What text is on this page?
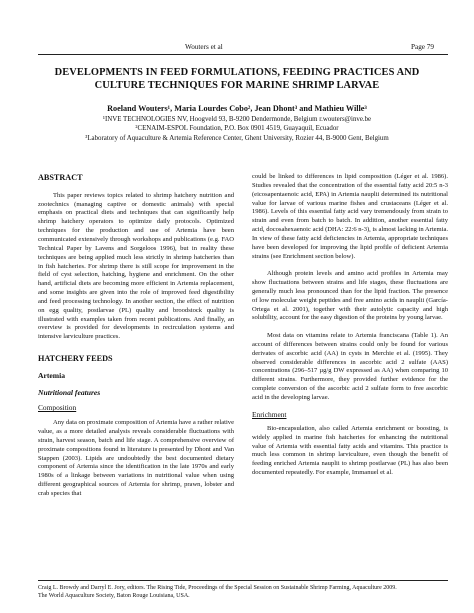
Wouters et al	Page 79
DEVELOPMENTS IN FEED FORMULATIONS, FEEDING PRACTICES AND
CULTURE TECHNIQUES FOR MARINE SHRIMP LARVAE
Roeland Wouters¹, Maria Lourdes Cobo², Jean Dhont³ and Mathieu Wille³
¹INVE TECHNOLOGIES NV, Hoogveld 93, B-9200 Dendermonde, Belgium r.wouters@inve.be
²CENAIM-ESPOL Foundation, P.O. Box 0901 4519, Guayaquil, Ecuador
³Laboratory of Aquaculture & Artemia Reference Center, Ghent University, Rozier 44, B-9000 Gent, Belgium
ABSTRACT

This paper reviews topics related to shrimp hatchery nutrition and zootechnics (managing captive or domestic animals) with special emphasis on practical diets and techniques that can significantly help shrimp hatchery operators to optimize daily protocols. Optimized techniques for the production and use of Artemia have been communicated extensively through workshops and publications (e.g. FAO Technical Paper by Lavens and Sorgeloos 1996), but in reality these techniques are being applied much less strictly in shrimp hatcheries than in fish hatcheries. For shrimp there is still scope for improvement in the field of cyst selection, hatching, hygiene and enrichment. On the other hand, artificial diets are becoming more efficient in Artemia replacement, and some insights are given into the role of improved feed digestibility and feed processing technology. In another section, the effect of nutrition on egg quality, postlarvae (PL) quality and broodstock quality is illustrated with examples taken from recent publications. And finally, an overview is provided for developments in recirculation systems and intensive larviculture practices.

HATCHERY FEEDS
Artemia
Nutritional features
Composition

Any data on proximate composition of Artemia have a rather relative value, as a more detailed analysis reveals considerable fluctuations with strain, harvest season, batch and life stage. A comprehensive overview of proximate compositions found in literature is presented by Dhont and Van Stappen (2003). Lipids are undoubtedly the best documented dietary component of Artemia since the identification in the late 1970s and early 1980s of a linkage between variations in nutritional value when using different geographical sources of Artemia for shrimp, prawn, lobster and crab species that

could be linked to differences in lipid composition (Léger et al. 1986). Studies revealed that the concentration of the essential fatty acid 20:5 n-3 (eicosapentaenoic acid, EPA) in Artemia nauplii determined its nutritional value for larvae of various marine fishes and crustaceans (Léger et al. 1986). Levels of this essential fatty acid vary tremendously from strain to strain and even from batch to batch. In addition, another essential fatty acid, docosahexaenoic acid (DHA: 22:6 n-3), is almost lacking in Artemia. In view of these fatty acid deficiencies in Artemia, appropriate techniques have been developed for improving the lipid profile of deficient Artemia strains (see Enrichment section below).

Although protein levels and amino acid profiles in Artemia may show fluctuations between strains and life stages, these fluctuations are generally much less pronounced than for the lipid fraction. The presence of low molecular weight peptides and free amino acids in nauplii (García-Ortega et al. 2001), together with their autolytic capacity and high solubility, account for the easy digestion of the proteins by young larvae.

Most data on vitamins relate to Artemia franciscana (Table 1). An account of differences between strains could only be found for various derivates of ascorbic acid (AA) in cysts in Merchie et al. (1995). They observed considerable differences in ascorbic acid 2 sulfate (AAS) concentrations (296–517 µg/g DW expressed as AA) when comparing 10 different strains. Furthermore, they provided further evidence for the complete conversion of the ascorbic acid 2 sulfate form to free ascorbic acid in the developing larvae.

Enrichment

Bio-encapsulation, also called Artemia enrichment or boosting, is widely applied in marine fish hatcheries for enhancing the nutritional value of Artemia with essential fatty acids and vitamins. This practice is much less common in shrimp larviculture, even though the benefit of feeding enriched Artemia nauplii to shrimp postlarvae (PL) has also been documented repeatedly. For example, Immanuel et al.

Craig L. Browdy and Darryl E. Jory, editors. The Rising Tide, Proceedings of the Special Session on Sustainable Shrimp Farming, Aquaculture 2009.
The World Aquaculture Society, Baton Rouge Louisiana, USA.
